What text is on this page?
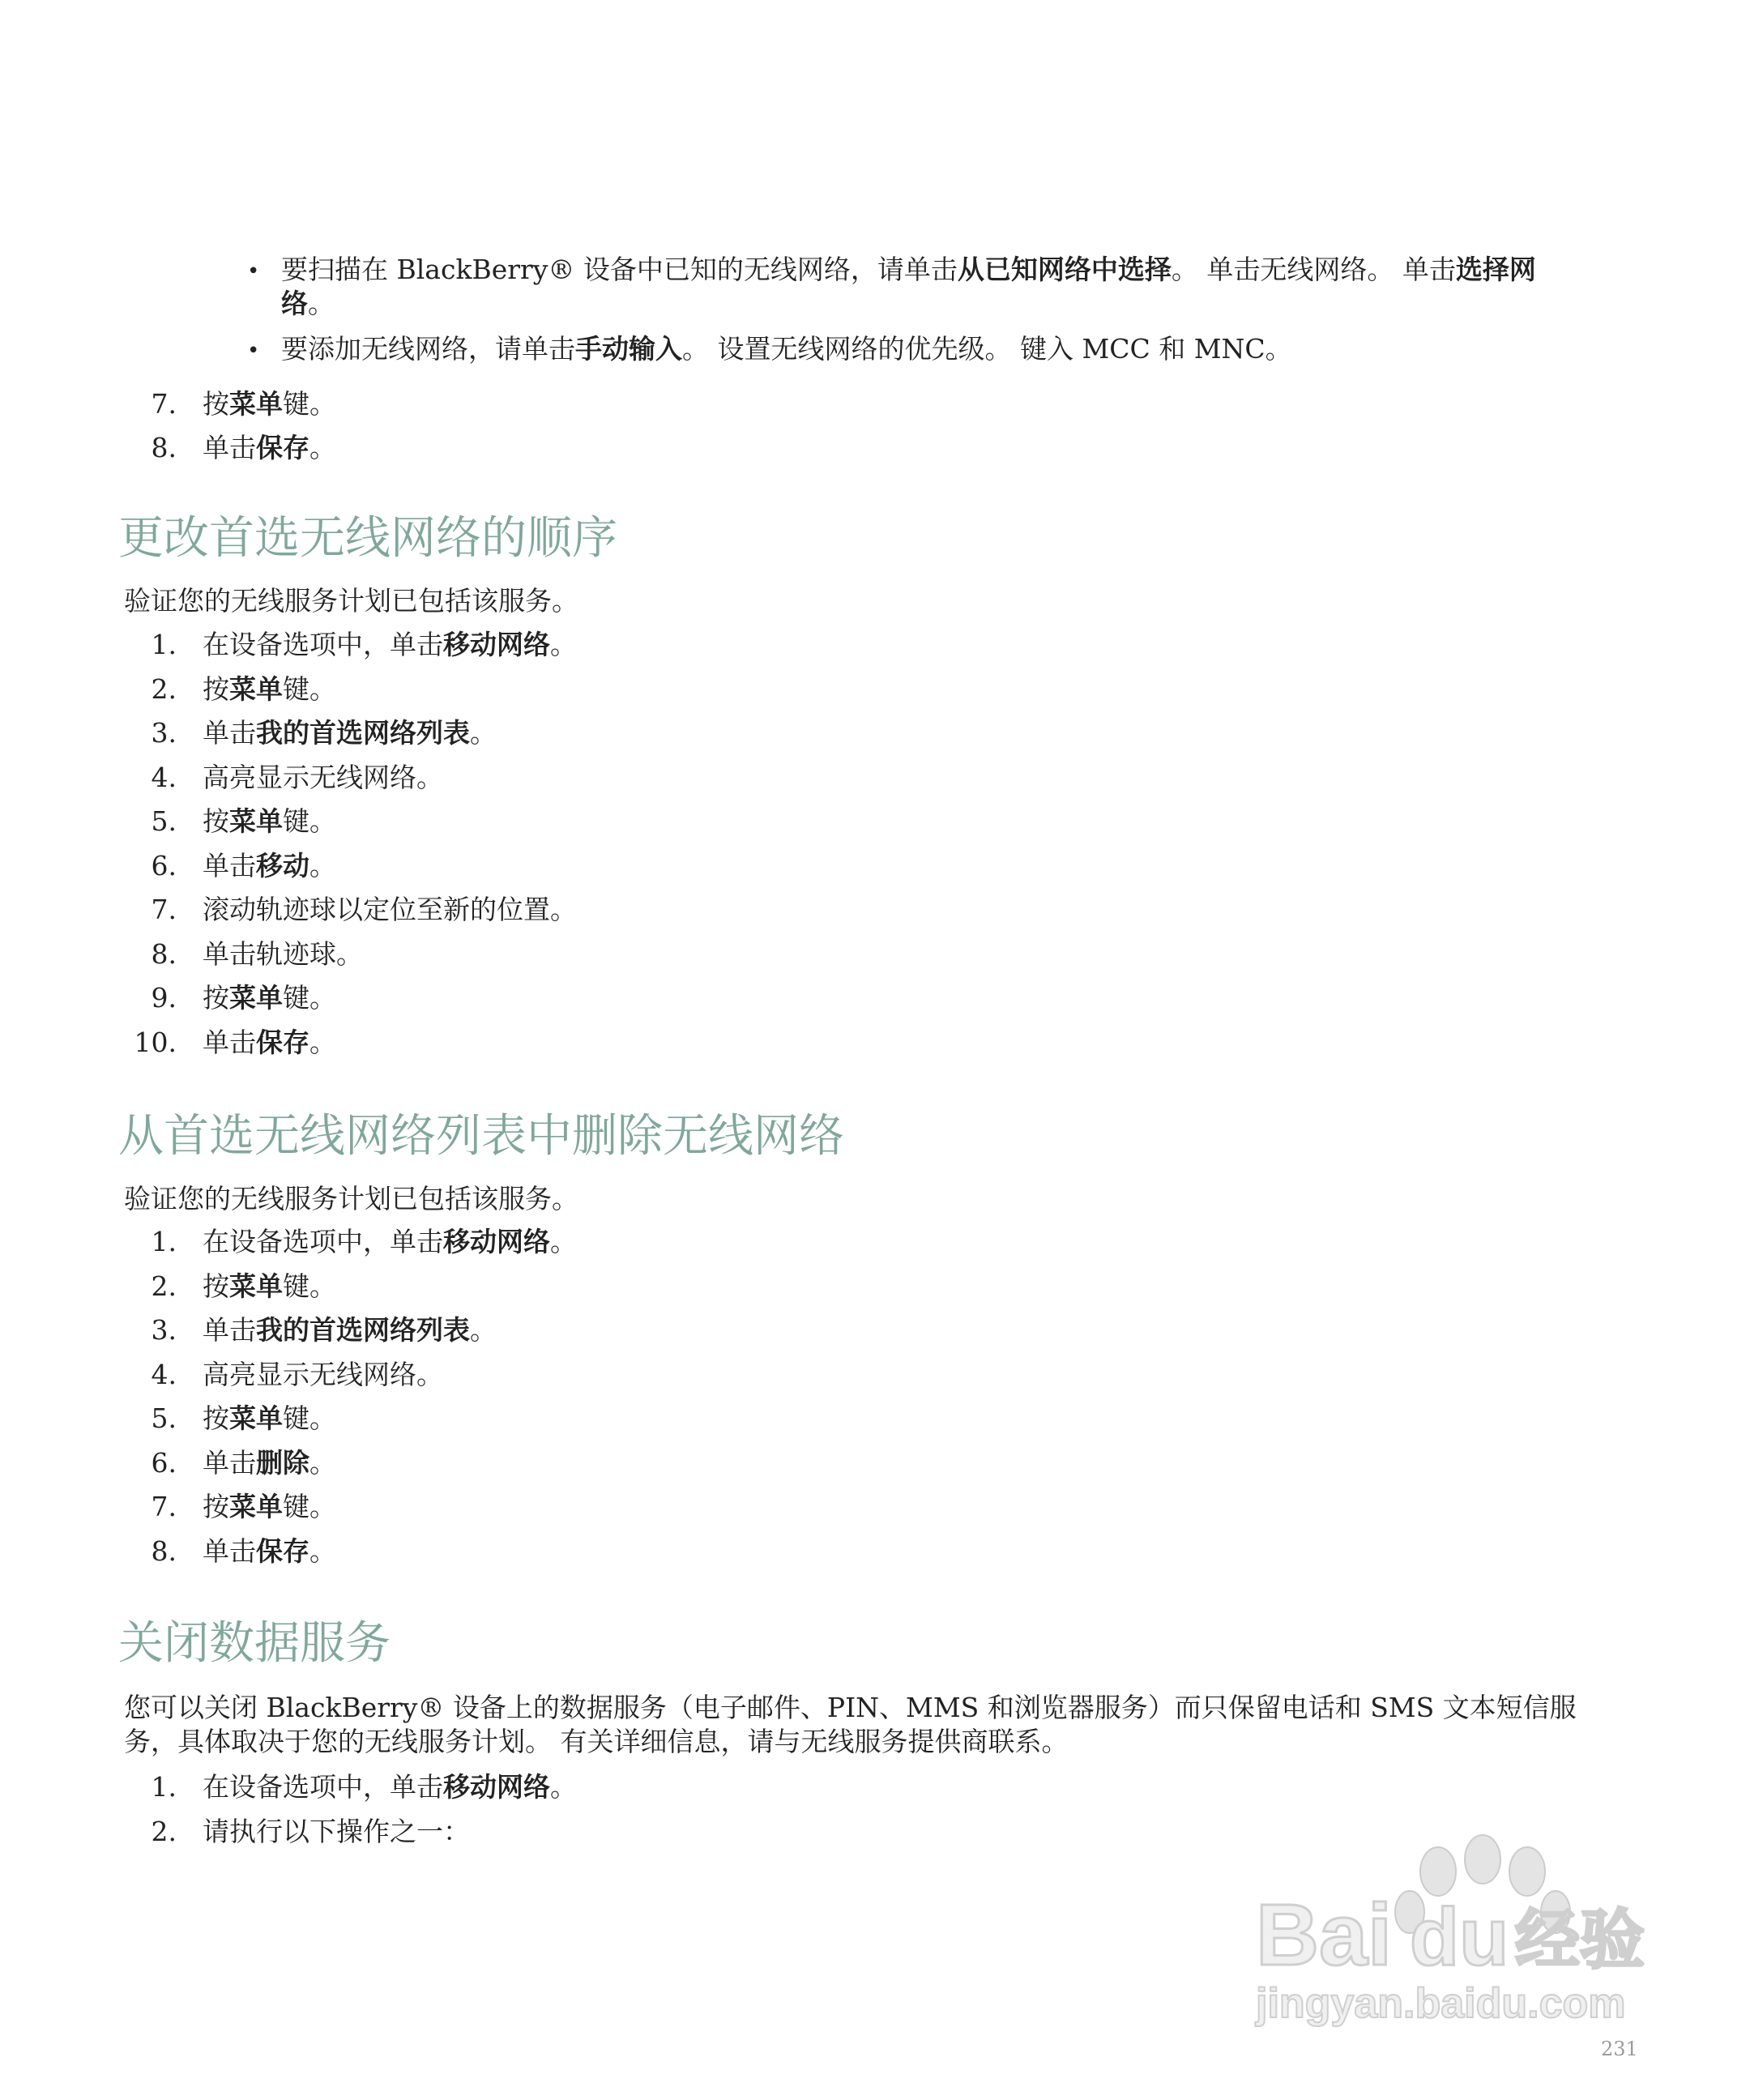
• 要扫描在 BlackBerry® 设备中已知的无线网络，请单击从已知网络中选择。 单击无线网络。 单击选择网
络。
• 要添加无线网络，请单击手动输入。 设置无线网络的优先级。 键入 MCC 和 MNC。
7. 按菜单键。
8. 单击保存。
更改首选无线网络的顺序
验证您的无线服务计划已包括该服务。
1. 在设备选项中，单击移动网络。
2. 按菜单键。
3. 单击我的首选网络列表。
4. 高亮显示无线网络。
5. 按菜单键。
6. 单击移动。
7. 滚动轨迹球以定位至新的位置。
8. 单击轨迹球。
9. 按菜单键。
10. 单击保存。
从首选无线网络列表中删除无线网络
验证您的无线服务计划已包括该服务。
1. 在设备选项中，单击移动网络。
2. 按菜单键。
3. 单击我的首选网络列表。
4. 高亮显示无线网络。
5. 按菜单键。
6. 单击删除。
7. 按菜单键。
8. 单击保存。
关闭数据服务
您可以关闭 BlackBerry® 设备上的数据服务（电子邮件、PIN、MMS 和浏览器服务）而只保留电话和 SMS 文本短信服
务，具体取决于您的无线服务计划。 有关详细信息，请与无线服务提供商联系。
1. 在设备选项中，单击移动网络。
2. 请执行以下操作之一：
Bai du 经验
jingyan.baidu.com
231
